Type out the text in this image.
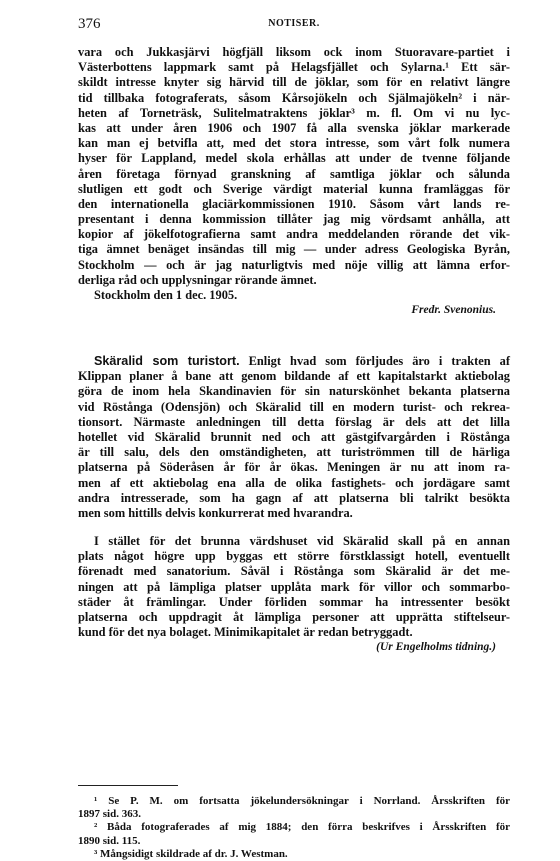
376	NOTISER.
vara och Jukkasjärvi högfjäll liksom ock inom Stuoravare-partiet i
Västerbottens lappmark samt på Helagsfjället och Sylarna.¹ Ett sär-
skildt intresse knyter sig härvid till de jöklar, som för en relativt längre
tid tillbaka fotograferats, såsom Kårsojökeln och Själmajökeln² i när-
heten af Torneträsk, Sulitelmatraktens jöklar³ m. fl. Om vi nu lyc-
kas att under åren 1906 och 1907 få alla svenska jöklar markerade
kan man ej betvifla att, med det stora intresse, som vårt folk numera
hyser för Lappland, medel skola erhållas att under de tvenne följande
åren företaga förnyad granskning af samtliga jöklar och sålunda
slutligen ett godt och Sverige värdigt material kunna framläggas för
den internationella glaciärkommissionen 1910. Såsom vårt lands re-
presentant i denna kommission tillåter jag mig vördsamt anhålla, att
kopior af jökelfotografierna samt andra meddelanden rörande det vik-
tiga ämnet benäget insändas till mig — under adress Geologiska Byrån,
Stockholm — och är jag naturligtvis med nöje villig att lämna erfor-
derliga råd och upplysningar rörande ämnet.
Stockholm den 1 dec. 1905.
Fredr. Svenonius.
Skäralid som turistort. Enligt hvad som förljudes äro i trakten af
Klippan planer å bane att genom bildande af ett kapitalstarkt aktiebolag
göra de inom hela Skandinavien för sin naturskönhet bekanta platserna
vid Röstånga (Odensjön) och Skäralid till en modern turist- och rekrea-
tionsort. Närmaste anledningen till detta förslag är dels att det lilla
hotellet vid Skäralid brunnit ned och att gästgifvargården i Röstånga
är till salu, dels den omständigheten, att turiströmmen till de härliga
platserna på Söderåsen år för år ökas. Meningen är nu att inom ra-
men af ett aktiebolag ena alla de olika fastighets- och jordägare samt
andra intresserade, som ha gagn af att platserna bli talrikt besökta
men som hittills delvis konkurrerat med hvarandra.
I stället för det brunna värdshuset vid Skäralid skall på en annan
plats något högre upp byggas ett större förstklassigt hotell, eventuellt
förenadt med sanatorium. Såväl i Röstånga som Skäralid är det me-
ningen att på lämpliga platser upplåta mark för villor och sommarbo-
städer åt främlingar. Under förliden sommar ha intressenter besökt
platserna och uppdragit åt lämpliga personer att upprätta stiftelseur-
kund för det nya bolaget. Minimikapitalet är redan betryggadt.
(Ur Engelholms tidning.)
¹ Se P. M. om fortsatta jökelundersökningar i Norrland. Årsskriften för
1897 sid. 363.
² Båda fotograferades af mig 1884; den förra beskrifves i Årsskriften för
1890 sid. 115.
³ Mångsidigt skildrade af dr. J. Westman.
